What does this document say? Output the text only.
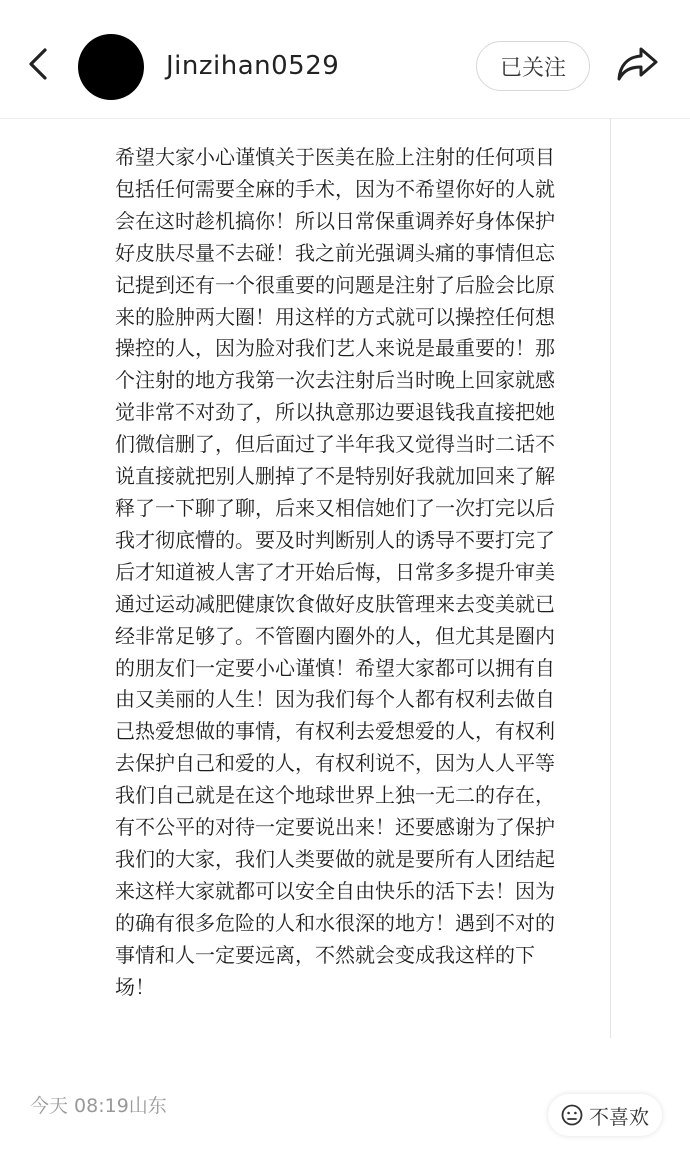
Jinzihan0529	已关注

希望大家小心谨慎关于医美在脸上注射的任何项目
包括任何需要全麻的手术，因为不希望你好的人就
会在这时趁机搞你！所以日常保重调养好身体保护
好皮肤尽量不去碰！我之前光强调头痛的事情但忘
记提到还有一个很重要的问题是注射了后脸会比原
来的脸肿两大圈！用这样的方式就可以操控任何想
操控的人，因为脸对我们艺人来说是最重要的！那
个注射的地方我第一次去注射后当时晚上回家就感
觉非常不对劲了，所以执意那边要退钱我直接把她
们微信删了，但后面过了半年我又觉得当时二话不
说直接就把别人删掉了不是特别好我就加回来了解
释了一下聊了聊，后来又相信她们了一次打完以后
我才彻底懵的。要及时判断别人的诱导不要打完了
后才知道被人害了才开始后悔，日常多多提升审美
通过运动减肥健康饮食做好皮肤管理来去变美就已
经非常足够了。不管圈内圈外的人，但尤其是圈内
的朋友们一定要小心谨慎！希望大家都可以拥有自
由又美丽的人生！因为我们每个人都有权利去做自
己热爱想做的事情，有权利去爱想爱的人，有权利
去保护自己和爱的人，有权利说不，因为人人平等
我们自己就是在这个地球世界上独一无二的存在，
有不公平的对待一定要说出来！还要感谢为了保护
我们的大家，我们人类要做的就是要所有人团结起
来这样大家就都可以安全自由快乐的活下去！因为
的确有很多危险的人和水很深的地方！遇到不对的
事情和人一定要远离，不然就会变成我这样的下
场！

今天 08:19山东	不喜欢
